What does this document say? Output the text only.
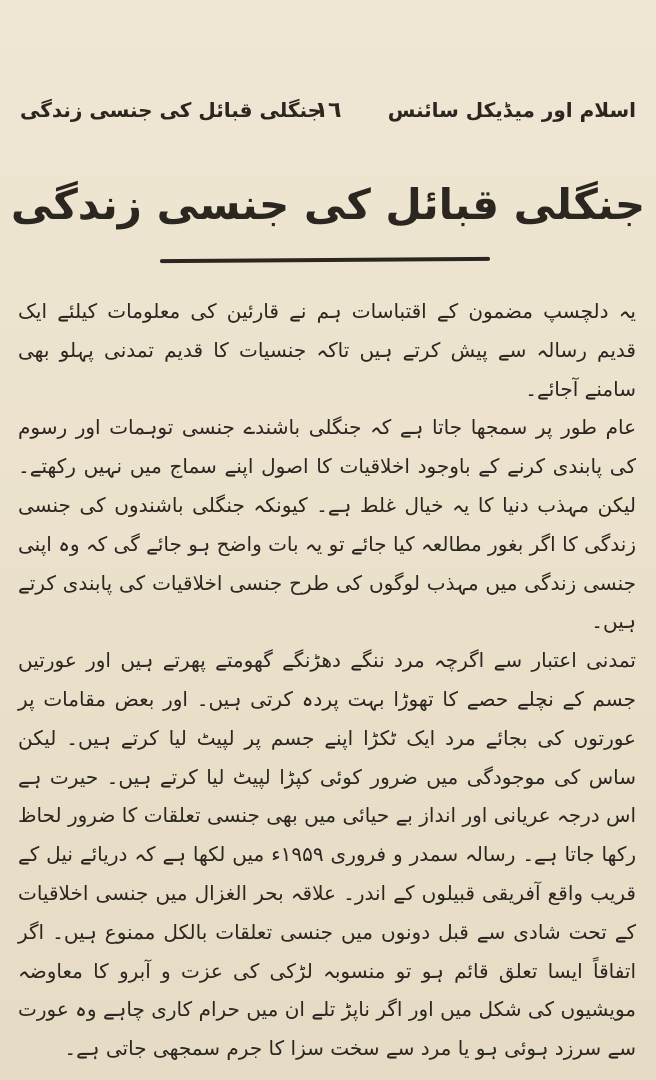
اسلام اور میڈیکل سائنس
١٦
جنگلی قبائل کی جنسی زندگی
جنگلی قبائل کی جنسی زندگی

یہ دلچسپ مضمون کے اقتباسات ہم نے قارئین کی معلومات کیلئے ایک قدیم رسالہ سے پیش کرتے ہیں تاکہ جنسیات کا قدیم تمدنی پہلو بھی سامنے آجائے۔

عام طور پر سمجھا جاتا ہے کہ جنگلی باشندے جنسی توہمات اور رسوم کی پابندی کرنے کے باوجود اخلاقیات کا اصول اپنے سماج میں نہیں رکھتے۔ لیکن مہذب دنیا کا یہ خیال غلط ہے۔ کیونکہ جنگلی باشندوں کی جنسی زندگی کا اگر بغور مطالعہ کیا جائے تو یہ بات واضح ہو جائے گی کہ وہ اپنی جنسی زندگی میں مہذب لوگوں کی طرح جنسی اخلاقیات کی پابندی کرتے ہیں۔

تمدنی اعتبار سے اگرچہ مرد ننگے دھڑنگے گھومتے پھرتے ہیں اور عورتیں جسم کے نچلے حصے کا تھوڑا بہت پردہ کرتی ہیں۔ اور بعض مقامات پر عورتوں کی بجائے مرد ایک ٹکڑا اپنے جسم پر لپیٹ لیا کرتے ہیں۔ لیکن ساس کی موجودگی میں ضرور کوئی کپڑا لپیٹ لیا کرتے ہیں۔ حیرت ہے اس درجہ عریانی اور انداز بے حیائی میں بھی جنسی تعلقات کا ضرور لحاظ رکھا جاتا ہے۔ رسالہ سمدر و فروری ۱۹۵۹ء میں لکھا ہے کہ دریائے نیل کے قریب واقع آفریقی قبیلوں کے اندر۔ علاقہ بحر الغزال میں جنسی اخلاقیات کے تحت شادی سے قبل دونوں میں جنسی تعلقات بالکل ممنوع ہیں۔ اگر اتفاقاً ایسا تعلق قائم ہو تو منسوبہ لڑکی کی عزت و آبرو کا معاوضہ مویشیوں کی شکل میں اور اگر ناپڑ تلے ان میں حرام کاری چاہے وہ عورت سے سرزد ہوئی ہو یا مرد سے سخت سزا کا جرم سمجھی جاتی ہے۔
